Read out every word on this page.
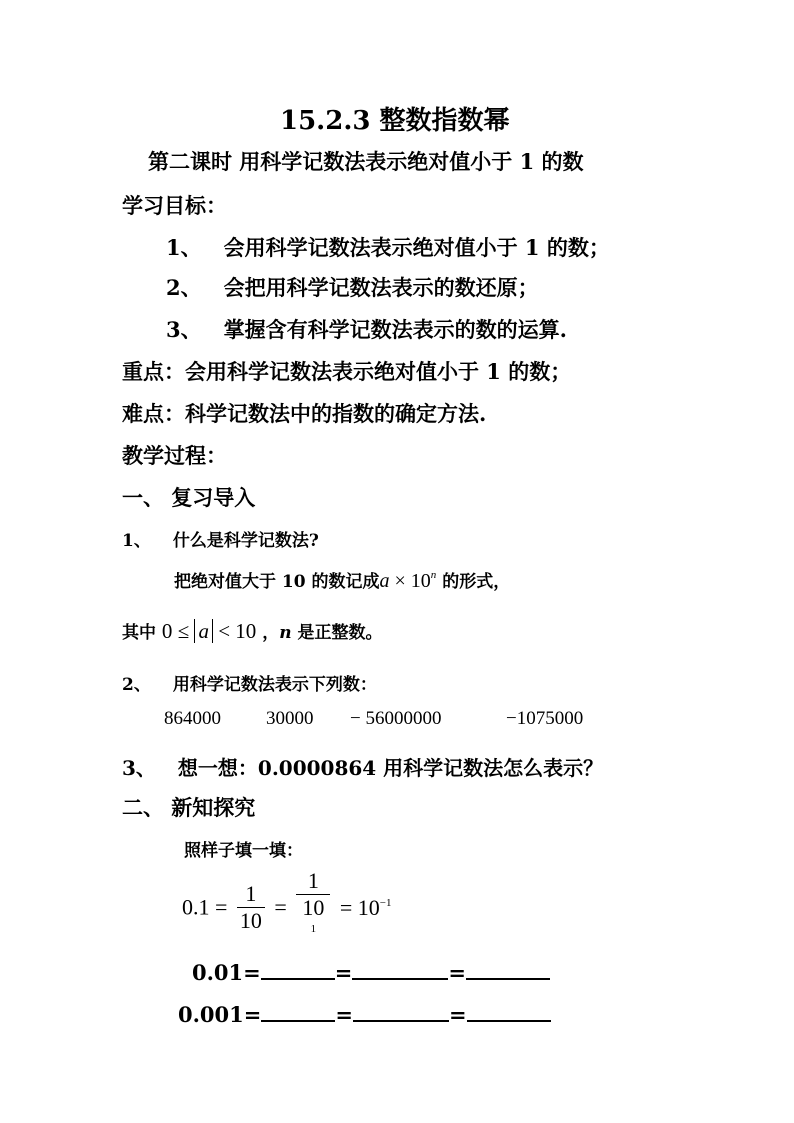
15.2.3 整数指数幂

第二课时 用科学记数法表示绝对值小于 1 的数

学习目标：

1、 会用科学记数法表示绝对值小于 1 的数；

2、 会把用科学记数法表示的数还原；

3、 掌握含有科学记数法表示的数的运算.

重点：会用科学记数法表示绝对值小于 1 的数；

难点：科学记数法中的指数的确定方法.

教学过程：

一、 复习导入

1、 什么是科学记数法?

把绝对值大于 10 的数记成$a \times 10^n$ 的形式，

其中 0 ≤ a < 10 ，n 是正整数。

2、 用科学记数法表示下列数：

864000 30000 − 56000000	−1075000

3、 想一想：0.0000864 用科学记数法怎么表示？

二、 新知探究

照样子填一填：

$0.1 = \frac{1}{10} = 1$
10
$^1 = 10^{-1}$

0.01=	=	=

0.001=	=	=
